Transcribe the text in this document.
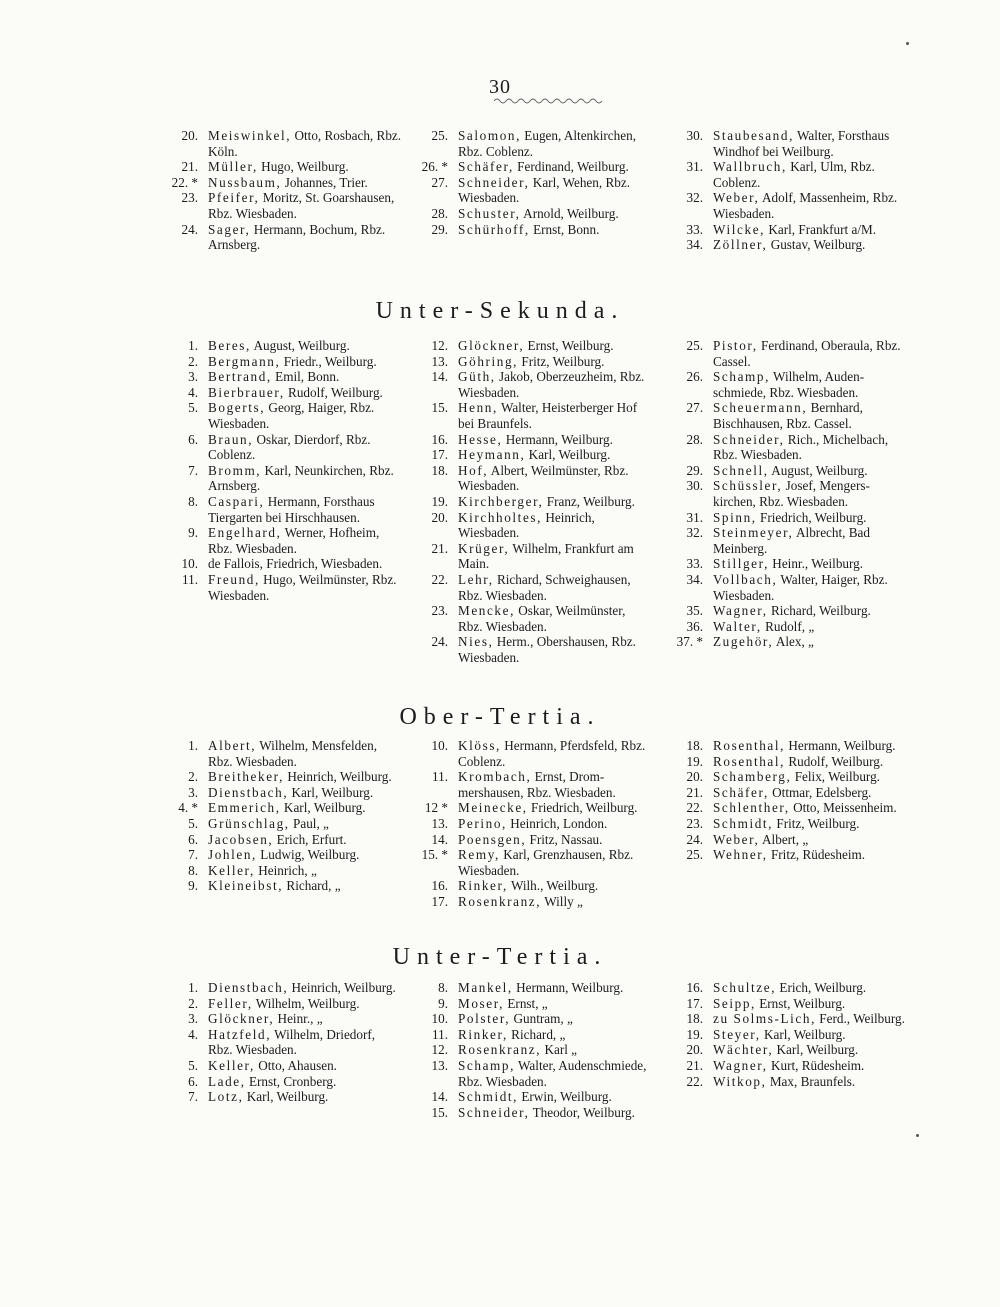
30
20. Meiswinkel, Otto, Rosbach, Rbz. Köln.
21. Müller, Hugo, Weilburg.
22. * Nussbaum, Johannes, Trier.
23. Pfeifer, Moritz, St. Goarshausen, Rbz. Wiesbaden.
24. Sager, Hermann, Bochum, Rbz. Arnsberg.
25. Salomon, Eugen, Altenkirchen, Rbz. Coblenz.
26. * Schäfer, Ferdinand, Weilburg.
27. Schneider, Karl, Wehen, Rbz. Wiesbaden.
28. Schuster, Arnold, Weilburg.
29. Schürhoff, Ernst, Bonn.
30. Staubesand, Walter, Forsthaus Windhof bei Weilburg.
31. Wallbruch, Karl, Ulm, Rbz. Coblenz.
32. Weber, Adolf, Massenheim, Rbz. Wiesbaden.
33. Wilcke, Karl, Frankfurt a/M.
34. Zöllner, Gustav, Weilburg.
Unter-Sekunda.
1. Beres, August, Weilburg.
2. Bergmann, Friedr., Weilburg.
3. Bertrand, Emil, Bonn.
4. Bierbrauer, Rudolf, Weilburg.
5. Bogerts, Georg, Haiger, Rbz. Wiesbaden.
6. Braun, Oskar, Dierdorf, Rbz. Coblenz.
7. Bromm, Karl, Neunkirchen, Rbz. Arnsberg.
8. Caspari, Hermann, Forsthaus Tiergarten bei Hirschhausen.
9. Engelhard, Werner, Hofheim, Rbz. Wiesbaden.
10. de Fallois, Friedrich, Wiesbaden.
11. Freund, Hugo, Weilmünster, Rbz. Wiesbaden.
12. Glöckner, Ernst, Weilburg.
13. Göhring, Fritz, Weilburg.
14. Güth, Jakob, Oberzeuzheim, Rbz. Wiesbaden.
15. Henn, Walter, Heisterberger Hof bei Braunfels.
16. Hesse, Hermann, Weilburg.
17. Heymann, Karl, Weilburg.
18. Hof, Albert, Weilmünster, Rbz. Wiesbaden.
19. Kirchberger, Franz, Weilburg.
20. Kirchholtes, Heinrich, Wiesbaden.
21. Krüger, Wilhelm, Frankfurt am Main.
22. Lehr, Richard, Schweighausen, Rbz. Wiesbaden.
23. Mencke, Oskar, Weilmünster, Rbz. Wiesbaden.
24. Nies, Herm., Obershausen, Rbz. Wiesbaden.
25. Pistor, Ferdinand, Oberaula, Rbz. Cassel.
26. Schamp, Wilhelm, Audenschmiede, Rbz. Wiesbaden.
27. Scheuermann, Bernhard, Bischhausen, Rbz. Cassel.
28. Schneider, Rich., Michelbach, Rbz. Wiesbaden.
29. Schnell, August, Weilburg.
30. Schüssler, Josef, Mengerskirchen, Rbz. Wiesbaden.
31. Spinn, Friedrich, Weilburg.
32. Steinmeyer, Albrecht, Bad Meinberg.
33. Stillger, Heinr., Weilburg.
34. Vollbach, Walter, Haiger, Rbz. Wiesbaden.
35. Wagner, Richard, Weilburg.
36. Walter, Rudolf, „
37. * Zugehör, Alex, „
Ober-Tertia.
1. Albert, Wilhelm, Mensfelden, Rbz. Wiesbaden.
2. Breitheker, Heinrich, Weilburg.
3. Dienstbach, Karl, Weilburg.
4. * Emmerich, Karl, Weilburg.
5. Grünschlag, Paul, „
6. Jacobsen, Erich, Erfurt.
7. Johlen, Ludwig, Weilburg.
8. Keller, Heinrich, „
9. Kleineibst, Richard, „
10. Klöss, Hermann, Pferdsfeld, Rbz. Coblenz.
11. Krombach, Ernst, Drommershausen, Rbz. Wiesbaden.
12 * Meinecke, Friedrich, Weilburg.
13. Perino, Heinrich, London.
14. Poensgen, Fritz, Nassau.
15. * Remy, Karl, Grenzhausen, Rbz. Wiesbaden.
16. Rinker, Wilh., Weilburg.
17. Rosenkranz, Willy „
18. Rosenthal, Hermann, Weilburg.
19. Rosenthal, Rudolf, Weilburg.
20. Schamberg, Felix, Weilburg.
21. Schäfer, Ottmar, Edelsberg.
22. Schlenther, Otto, Meissenheim.
23. Schmidt, Fritz, Weilburg.
24. Weber, Albert, „
25. Wehner, Fritz, Rüdesheim.
Unter-Tertia.
1. Dienstbach, Heinrich, Weilburg.
2. Feller, Wilhelm, Weilburg.
3. Glöckner, Heinr., „
4. Hatzfeld, Wilhelm, Driedorf, Rbz. Wiesbaden.
5. Keller, Otto, Ahausen.
6. Lade, Ernst, Cronberg.
7. Lotz, Karl, Weilburg.
8. Mankel, Hermann, Weilburg.
9. Moser, Ernst, „
10. Polster, Guntram, „
11. Rinker, Richard, „
12. Rosenkranz, Karl „
13. Schamp, Walter, Audenschmiede, Rbz. Wiesbaden.
14. Schmidt, Erwin, Weilburg.
15. Schneider, Theodor, Weilburg.
16. Schultze, Erich, Weilburg.
17. Seipp, Ernst, Weilburg.
18. zu Solms-Lich, Ferd., Weilburg.
19. Steyer, Karl, Weilburg.
20. Wächter, Karl, Weilburg.
21. Wagner, Kurt, Rüdesheim.
22. Witkop, Max, Braunfels.
